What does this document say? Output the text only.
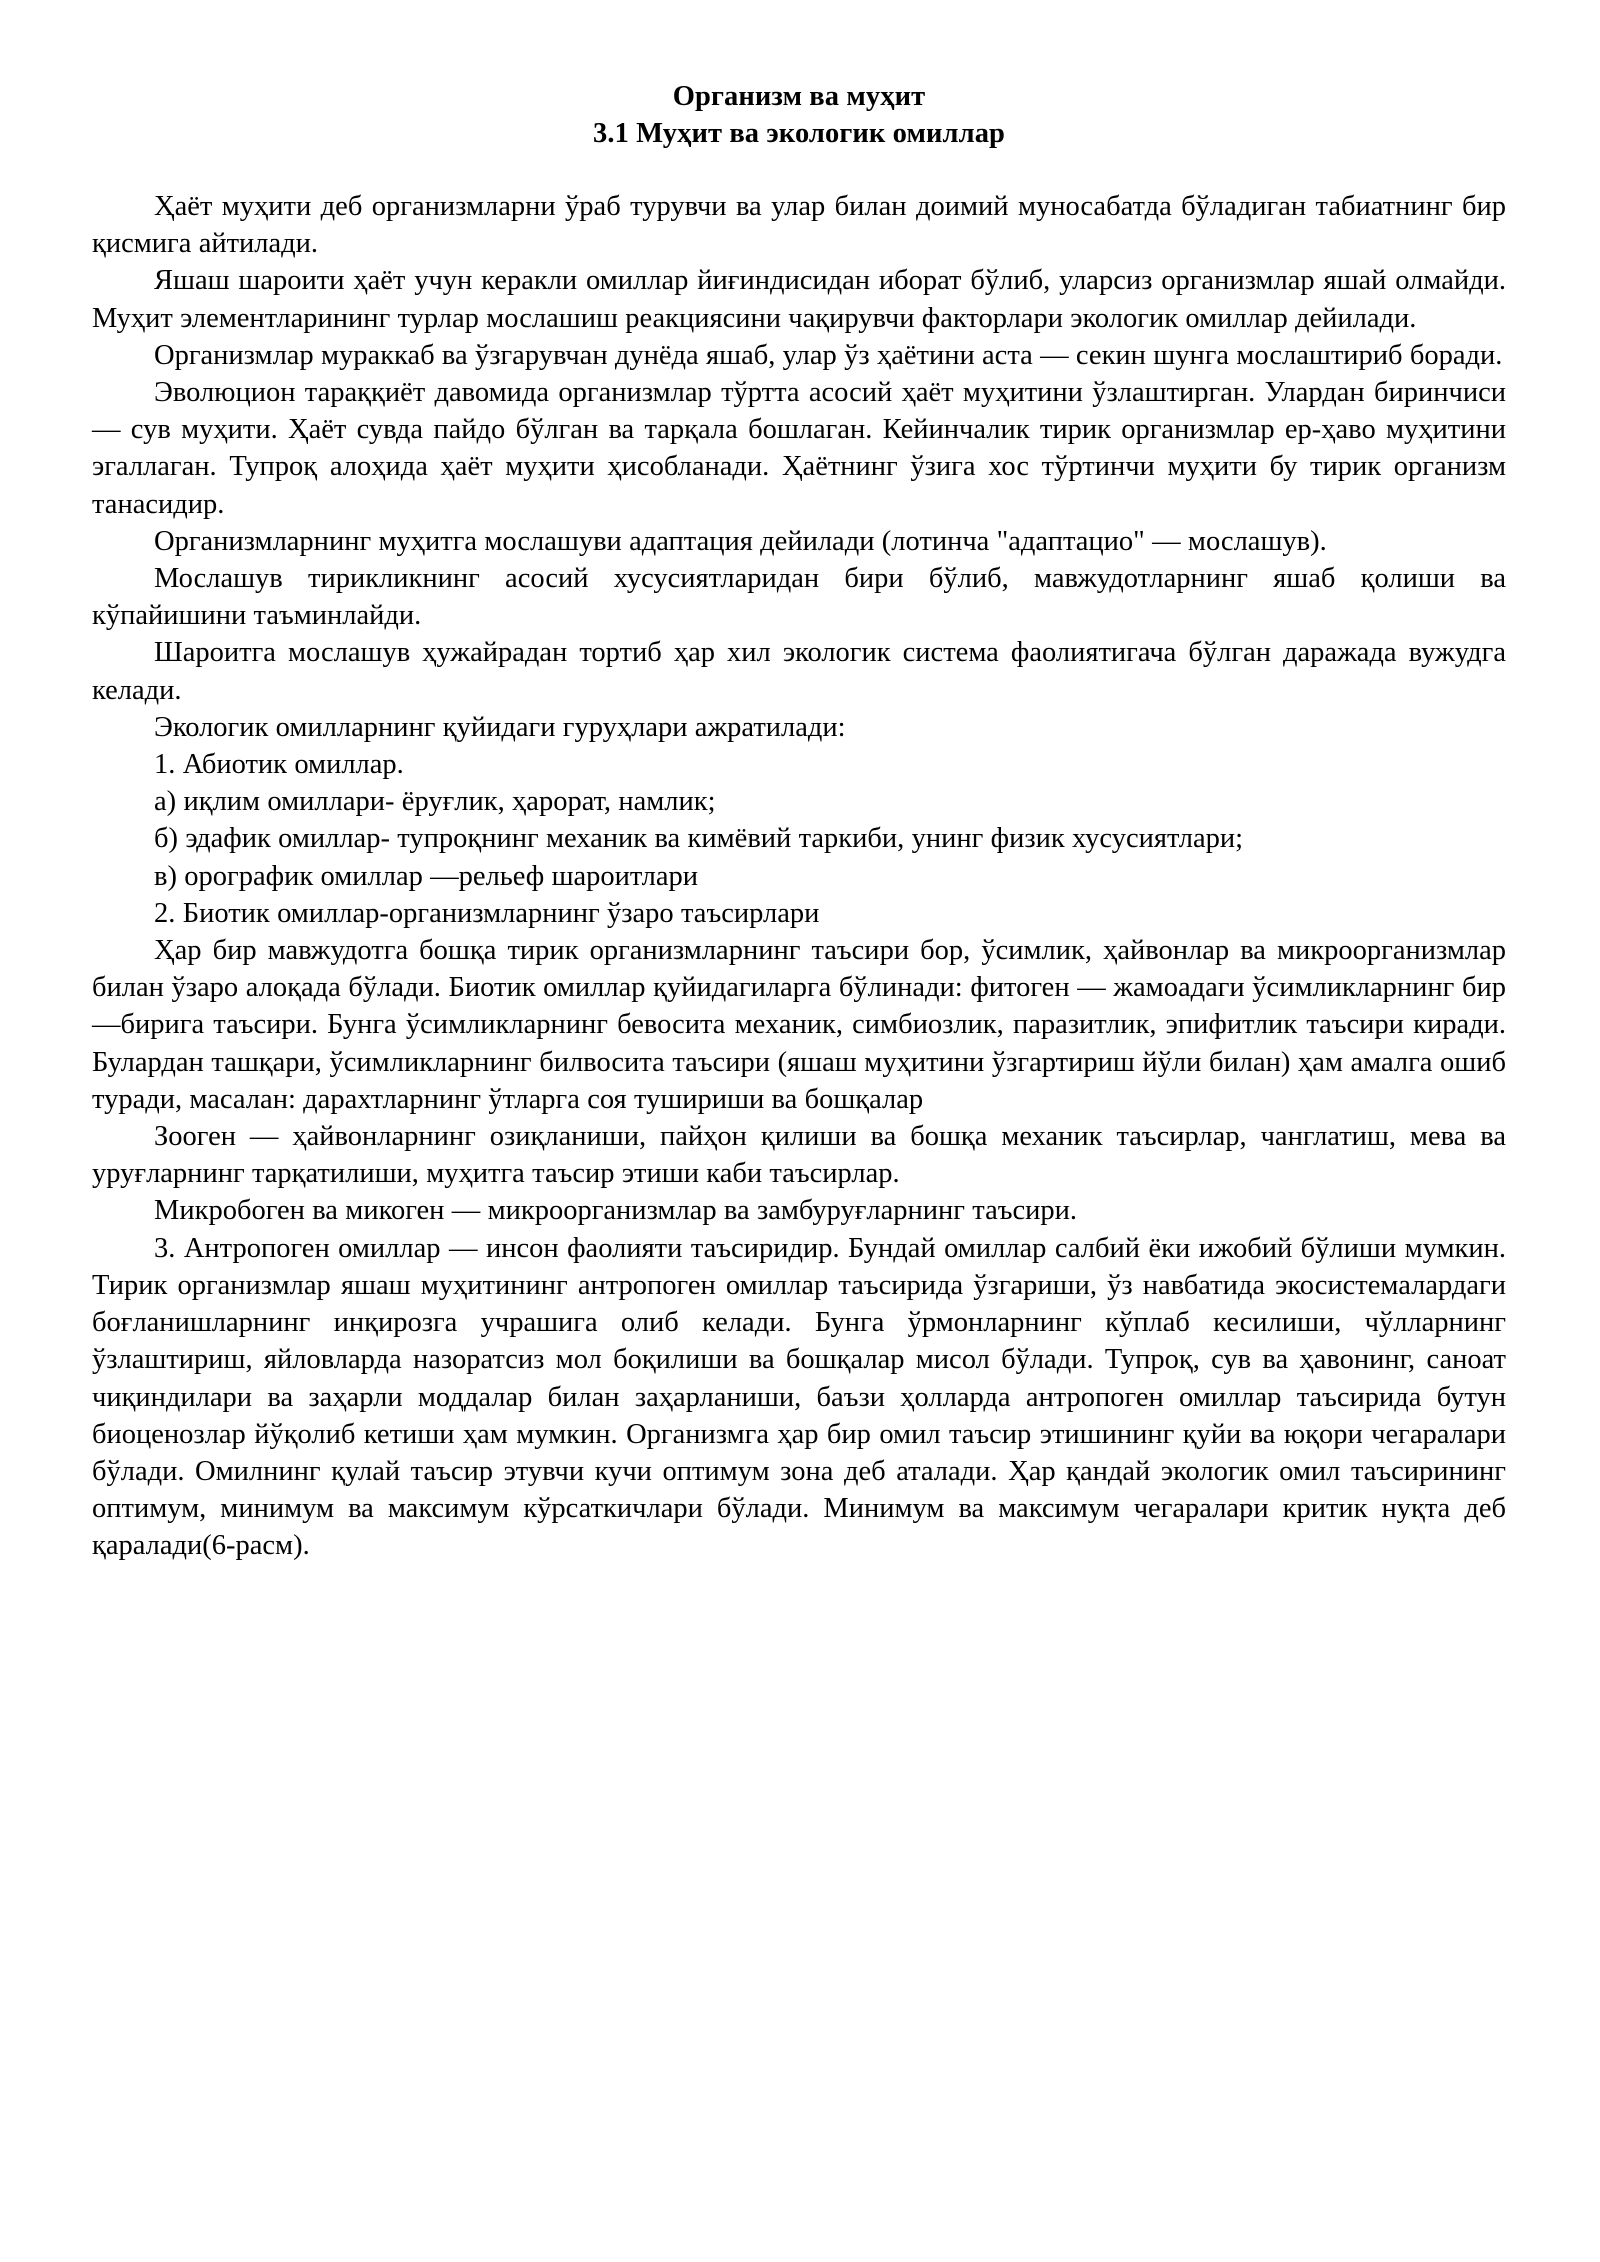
Организм ва муҳит
3.1 Муҳит ва экологик омиллар

Ҳаёт муҳити деб организмларни ўраб турувчи ва улар билан доимий муносабатда бўладиган табиатнинг бир қисмига айтилади.

Яшаш шароити ҳаёт учун керакли омиллар йиғиндисидан иборат бўлиб, уларсиз организмлар яшай олмайди. Муҳит элементларининг турлар мослашиш реакциясини чақирувчи факторлари экологик омиллар дейилади.

Организмлар мураккаб ва ўзгарувчан дунёда яшаб, улар ўз ҳаётини аста — секин шунга мослаштириб боради.

Эволюцион тараққиёт давомида организмлар тўртта асосий ҳаёт муҳитини ўзлаштирган. Улардан биринчиси — сув муҳити. Ҳаёт сувда пайдо бўлган ва тарқала бошлаган. Кейинчалик тирик организмлар ер-ҳаво муҳитини эгаллаган. Тупроқ алоҳида ҳаёт муҳити ҳисобланади. Ҳаётнинг ўзига хос тўртинчи муҳити бу тирик организм танасидир.

Организмларнинг муҳитга мослашуви адаптация дейилади (лотинча "адаптацио" — мослашув).

Мослашув тирикликнинг асосий хусусиятларидан бири бўлиб, мавжудотларнинг яшаб қолиши ва кўпайишини таъминлайди.

Шароитга мослашув ҳужайрадан тортиб ҳар хил экологик система фаолиятигача бўлган даражада вужудга келади.

Экологик омилларнинг қуйидаги гуруҳлари ажратилади:

1. Абиотик омиллар.

а) иқлим омиллари- ёруғлик, ҳарорат, намлик;

б) эдафик омиллар- тупроқнинг механик ва кимёвий таркиби, унинг физик хусусиятлари;

в) орографик омиллар —рельеф шароитлари

2. Биотик омиллар-организмларнинг ўзаро таъсирлари

Ҳар бир мавжудотга бошқа тирик организмларнинг таъсири бор, ўсимлик, ҳайвонлар ва микроорганизмлар билан ўзаро алоқада бўлади. Биотик омиллар қуйидагиларга бўлинади: фитоген — жамоадаги ўсимликларнинг бир—бирига таъсири. Бунга ўсимликларнинг бевосита механик, симбиозлик, паразитлик, эпифитлик таъсири киради. Булардан ташқари, ўсимликларнинг билвосита таъсири (яшаш муҳитини ўзгартириш йўли билан) ҳам амалга ошиб туради, масалан: дарахтларнинг ўтларга соя тушириши ва бошқалар

Зооген — ҳайвонларнинг озиқланиши, пайҳон қилиши ва бошқа механик таъсирлар, чанглатиш, мева ва уруғларнинг тарқатилиши, муҳитга таъсир этиши каби таъсирлар.

Микробоген ва микоген — микроорганизмлар ва замбуруғларнинг таъсири.

3. Антропоген омиллар — инсон фаолияти таъсиридир. Бундай омиллар салбий ёки ижобий бўлиши мумкин. Тирик организмлар яшаш муҳитининг антропоген омиллар таъсирида ўзгариши, ўз навбатида экосистемалардаги боғланишларнинг инқирозга учрашига олиб келади. Бунга ўрмонларнинг кўплаб кесилиши, чўлларнинг ўзлаштириш, яйловларда назоратсиз мол боқилиши ва бошқалар мисол бўлади. Тупроқ, сув ва ҳавонинг, саноат чиқиндилари ва заҳарли моддалар билан заҳарланиши, баъзи ҳолларда антропоген омиллар таъсирида бутун биоценозлар йўқолиб кетиши ҳам мумкин. Организмга ҳар бир омил таъсир этишининг қуйи ва юқори чегаралари бўлади. Омилнинг қулай таъсир этувчи кучи оптимум зона деб аталади. Ҳар қандай экологик омил таъсирининг оптимум, минимум ва максимум кўрсаткичлари бўлади. Минимум ва максимум чегаралари критик нуқта деб қаралади(6-расм).
